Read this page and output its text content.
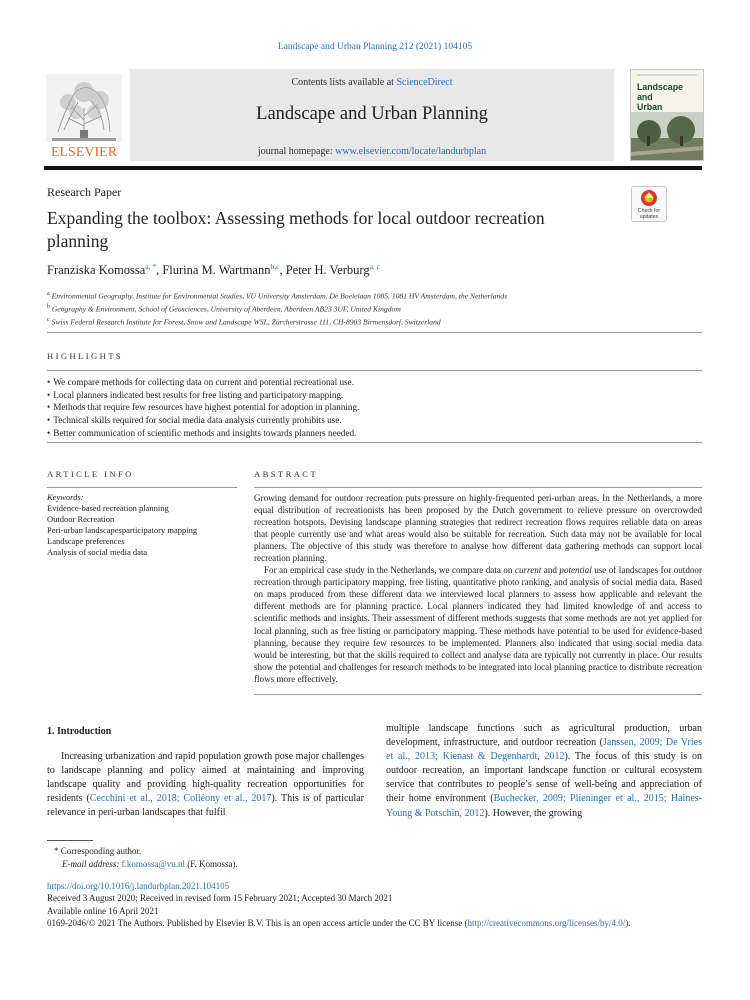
Landscape and Urban Planning 212 (2021) 104105
ELSEVIER
Contents lists available at ScienceDirect
Landscape and Urban Planning
journal homepage: www.elsevier.com/locate/landurbplan
Landscape and
Urban
Research Paper
Expanding the toolbox: Assessing methods for local outdoor recreation planning
Check for
updates
Franziska Komossa$^{a, *}$, Flurina M. Wartmann$^{b,c}$, Peter H. Verburg$^{a, c}$
$^a$ Environmental Geography, Institute for Environmental Studies, VU University Amsterdam, De Boelelaan 1085, 1081 HV Amsterdam, the Netherlands
$^b$ Geography & Environment, School of Geosciences, University of Aberdeen, Aberdeen AB23 3UF, United Kingdom
$^c$ Swiss Federal Research Institute for Forest, Snow and Landscape WSL, Zürcherstrasse 111, CH-8903 Birmensdorf, Switzerland
HIGHLIGHTS
• We compare methods for collecting data on current and potential recreational use.
• Local planners indicated best results for free listing and participatory mapping.
• Methods that require few resources have highest potential for adoption in planning.
• Technical skills required for social media data analysis currently prohibits use.
• Better communication of scientific methods and insights towards planners needed.
ARTICLE INFO
Keywords:
Evidence-based recreation planning
Outdoor Recreation
Peri-urban landscapesparticipatory mapping
Landscape preferences
Analysis of social media data
ABSTRACT

Growing demand for outdoor recreation puts pressure on highly-frequented peri-urban areas. In the Netherlands, a more equal distribution of recreationists has been proposed by the Dutch government to relieve pressure on overcrowded recreation hotspots. Devising landscape planning strategies that redirect recreation flows requires reliable data on areas that people currently use and what areas would also be suitable for recreation. Such data may not be available for local planners. The objective of this study was therefore to analyse how different data gathering methods can support local recreation planning.

For an empirical case study in the Netherlands, we compare data on current and potential use of landscapes for outdoor recreation through participatory mapping, free listing, quantitative photo ranking, and analysis of social media data. Based on maps produced from these different data we interviewed local planners to assess how applicable and relevant the different methods are for planning practice. Local planners indicated they had limited knowledge of and access to scientific methods and insights. Their assessment of different methods suggests that some methods are not yet applied for local planning, such as free listing or participatory mapping. These methods have potential to be used for evidence-based planning, because they require few resources to be implemented. Planners also indicated that using social media data would be interesting, but that the skills required to collect and analyse data are typically not currently in place. Our results show the potential and challenges for research methods to be integrated into local planning practice to distribute recreation flows more effectively.

1. Introduction
Increasing urbanization and rapid population growth pose major challenges to landscape planning and policy aimed at maintaining and improving landscape quality and providing high-quality recreation opportunities for residents (Cecchini et al., 2018; Colléony et al., 2017). This is of particular relevance in peri-urban landscapes that fulfil
multiple landscape functions such as agricultural production, urban development, infrastructure, and outdoor recreation (Janssen, 2009; De Vries et al., 2013; Kienast & Degenhardt, 2012). The focus of this study is on outdoor recreation, an important landscape function or cultural ecosystem service that contributes to people’s sense of well-being and appreciation of their home environment (Buchecker, 2009; Plieninger et al., 2015; Haines-Young & Potschin, 2012). However, the growing
* Corresponding author.
E-mail address: f.komossa@vu.nl (F. Komossa).
https://doi.org/10.1016/j.landurbplan.2021.104105
Received 3 August 2020; Received in revised form 15 February 2021; Accepted 30 March 2021
Available online 16 April 2021
0169-2046/© 2021 The Authors. Published by Elsevier B.V. This is an open access article under the CC BY license (http://creativecommons.org/licenses/by/4.0/).
